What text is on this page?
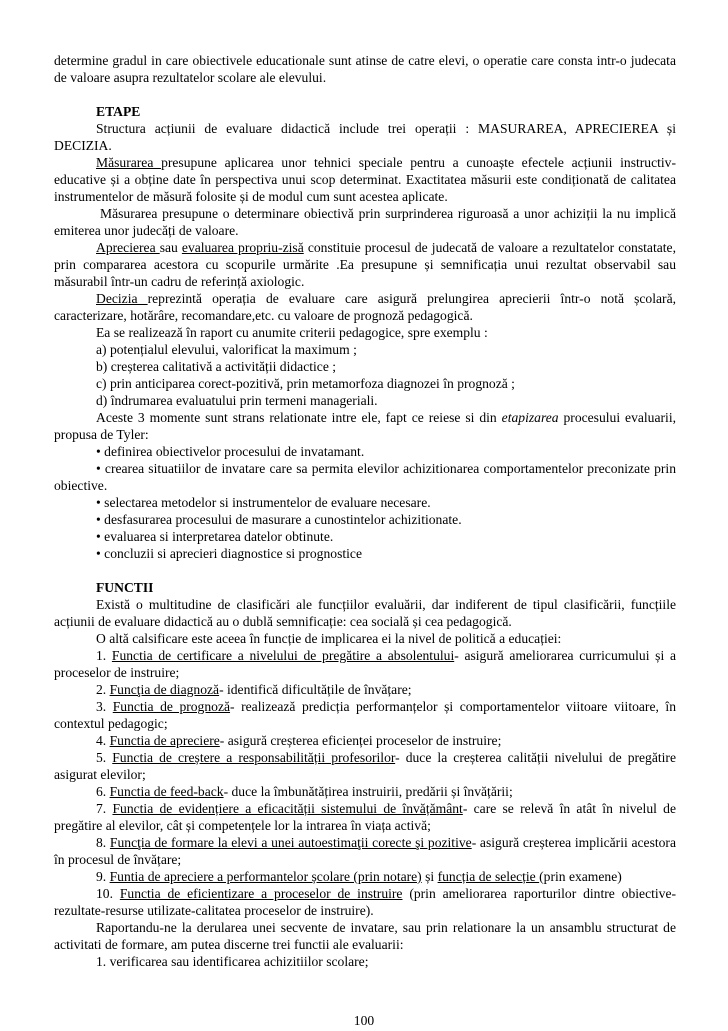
determine gradul in care obiectivele educationale sunt atinse de catre elevi, o operatie care consta intr-o judecata de valoare asupra rezultatelor scolare ale elevului.

ETAPE

Structura acțiunii de evaluare didactică include trei operații : MASURAREA, APRECIEREA și DECIZIA.

Măsurarea presupune aplicarea unor tehnici speciale pentru a cunoaște efectele acțiunii instructiv-educative și a obține date în perspectiva unui scop determinat. Exactitatea măsurii este condiționată de calitatea instrumentelor de măsură folosite și de modul cum sunt acestea aplicate.

Măsurarea presupune o determinare obiectivă prin surprinderea riguroasă a unor achiziții la nu implică emiterea unor judecăți de valoare.

Aprecierea sau evaluarea propriu-zisă constituie procesul de judecată de valoare a rezultatelor constatate, prin compararea acestora cu scopurile urmărite .Ea presupune și semnificația unui rezultat observabil sau măsurabil într-un cadru de referință axiologic.

Decizia reprezintă operația de evaluare care asigură prelungirea aprecierii într-o notă școlară, caracterizare, hotărâre, recomandare,etc. cu valoare de prognoză pedagogică.

Ea se realizează în raport cu anumite criterii pedagogice, spre exemplu :

a) potențialul elevului, valorificat la maximum ;

b) creșterea calitativă a activității didactice ;

c) prin anticiparea corect-pozitivă, prin metamorfoza diagnozei în prognoză ;

d) îndrumarea evaluatului prin termeni manageriali.

Aceste 3 momente sunt strans relationate intre ele, fapt ce reiese si din etapizarea procesului evaluarii, propusa de Tyler:

• definirea obiectivelor procesului de invatamant.

• crearea situatiilor de invatare care sa permita elevilor achizitionarea comportamentelor preconizate prin obiective.

• selectarea metodelor si instrumentelor de evaluare necesare.

• desfasurarea procesului de masurare a cunostintelor achizitionate.

• evaluarea si interpretarea datelor obtinute.

• concluzii si aprecieri diagnostice si prognostice

FUNCTII

Există o multitudine de clasificări ale funcțiilor evaluării, dar indiferent de tipul clasificării, funcțiile acțiunii de evaluare didactică au o dublă semnificație: cea socială și cea pedagogică.

O altă calsificare este aceea în funcție de implicarea ei la nivel de politică a educației:

1. Functia de certificare a nivelului de pregătire a absolentului- asigură ameliorarea curricumului și a proceselor de instruire;

2. Funcţia de diagnoză- identifică dificultățile de învățare;

3. Functia de prognoză- realizează predicția performanțelor și comportamentelor viitoare viitoare, în contextul pedagogic;

4. Functia de apreciere- asigură creșterea eficienței proceselor de instruire;

5. Functia de creștere a responsabilității profesorilor- duce la creșterea calității nivelului de pregătire asigurat elevilor;

6. Functia de feed-back- duce la îmbunătățirea instruirii, predării și învățării;

7. Functia de evidențiere a eficacității sistemului de învățământ- care se relevă în atât în nivelul de pregătire al elevilor, cât și competențele lor la intrarea în viața activă;

8. Funcţia de formare la elevi a unei autoestimaţii corecte şi pozitive- asigură creșterea implicării acestora în procesul de învățare;

9. Funtia de apreciere a performantelor școlare (prin notare) și funcția de selecție (prin examene)

10. Functia de eficientizare a proceselor de instruire (prin ameliorarea raporturilor dintre obiective-rezultate-resurse utilizate-calitatea proceselor de instruire).

Raportandu-ne la derularea unei secvente de invatare, sau prin relationare la un ansamblu structurat de activitati de formare, am putea discerne trei functii ale evaluarii:

1. verificarea sau identificarea achizitiilor scolare;

100
